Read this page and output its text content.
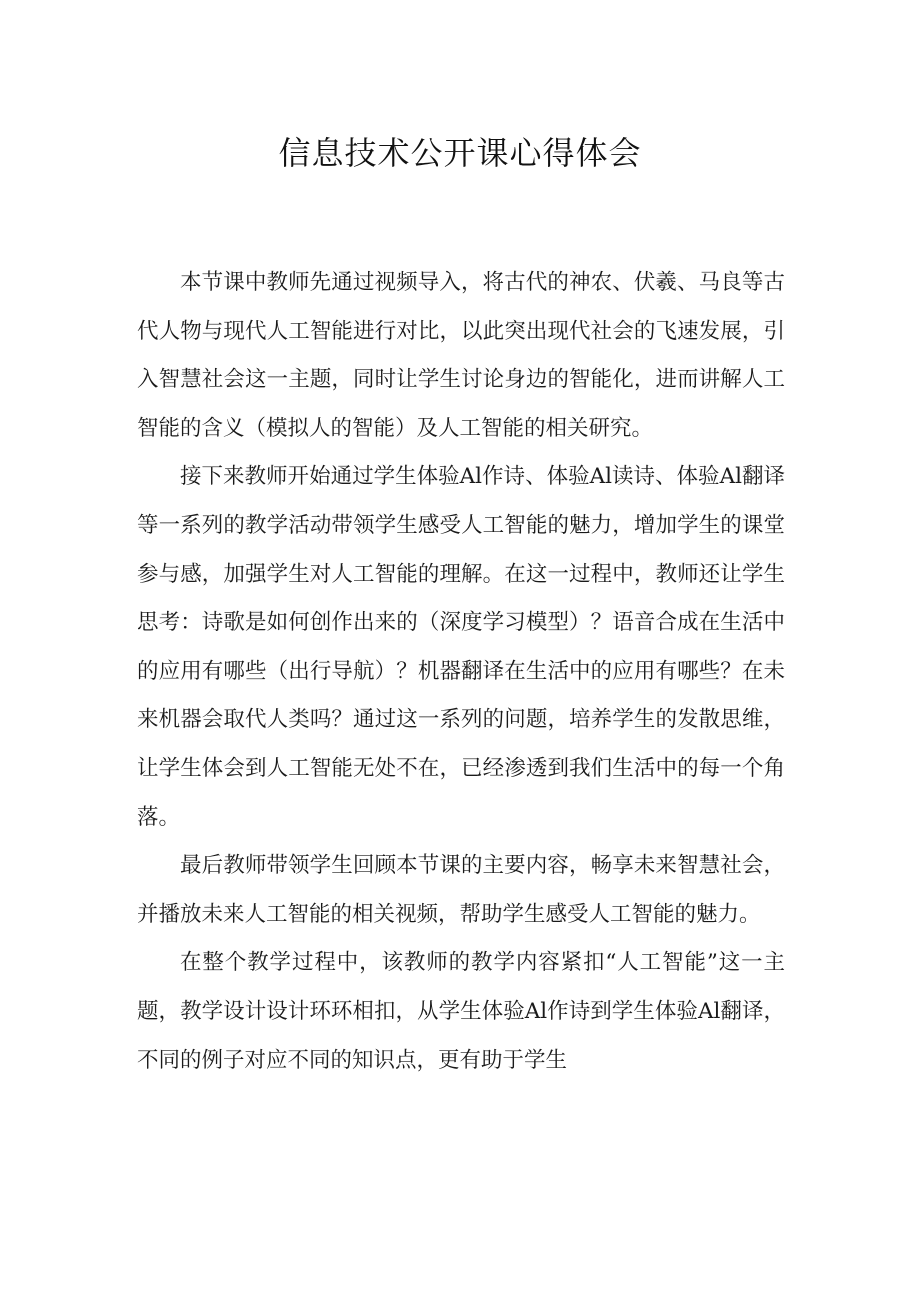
信息技术公开课心得体会

本节课中教师先通过视频导入，将古代的神农、伏羲、马良等古代人物与现代人工智能进行对比，以此突出现代社会的飞速发展，引入智慧社会这一主题，同时让学生讨论身边的智能化，进而讲解人工智能的含义（模拟人的智能）及人工智能的相关研究。

接下来教师开始通过学生体验Al作诗、体验Al读诗、体验Al翻译等一系列的教学活动带领学生感受人工智能的魅力，增加学生的课堂参与感，加强学生对人工智能的理解。在这一过程中，教师还让学生思考：诗歌是如何创作出来的（深度学习模型）？语音合成在生活中的应用有哪些（出行导航）？机器翻译在生活中的应用有哪些？在未来机器会取代人类吗？通过这一系列的问题，培养学生的发散思维，让学生体会到人工智能无处不在，已经渗透到我们生活中的每一个角落。

最后教师带领学生回顾本节课的主要内容，畅享未来智慧社会，并播放未来人工智能的相关视频，帮助学生感受人工智能的魅力。

在整个教学过程中，该教师的教学内容紧扣“人工智能”这一主题，教学设计设计环环相扣，从学生体验Al作诗到学生体验Al翻译，不同的例子对应不同的知识点，更有助于学生
